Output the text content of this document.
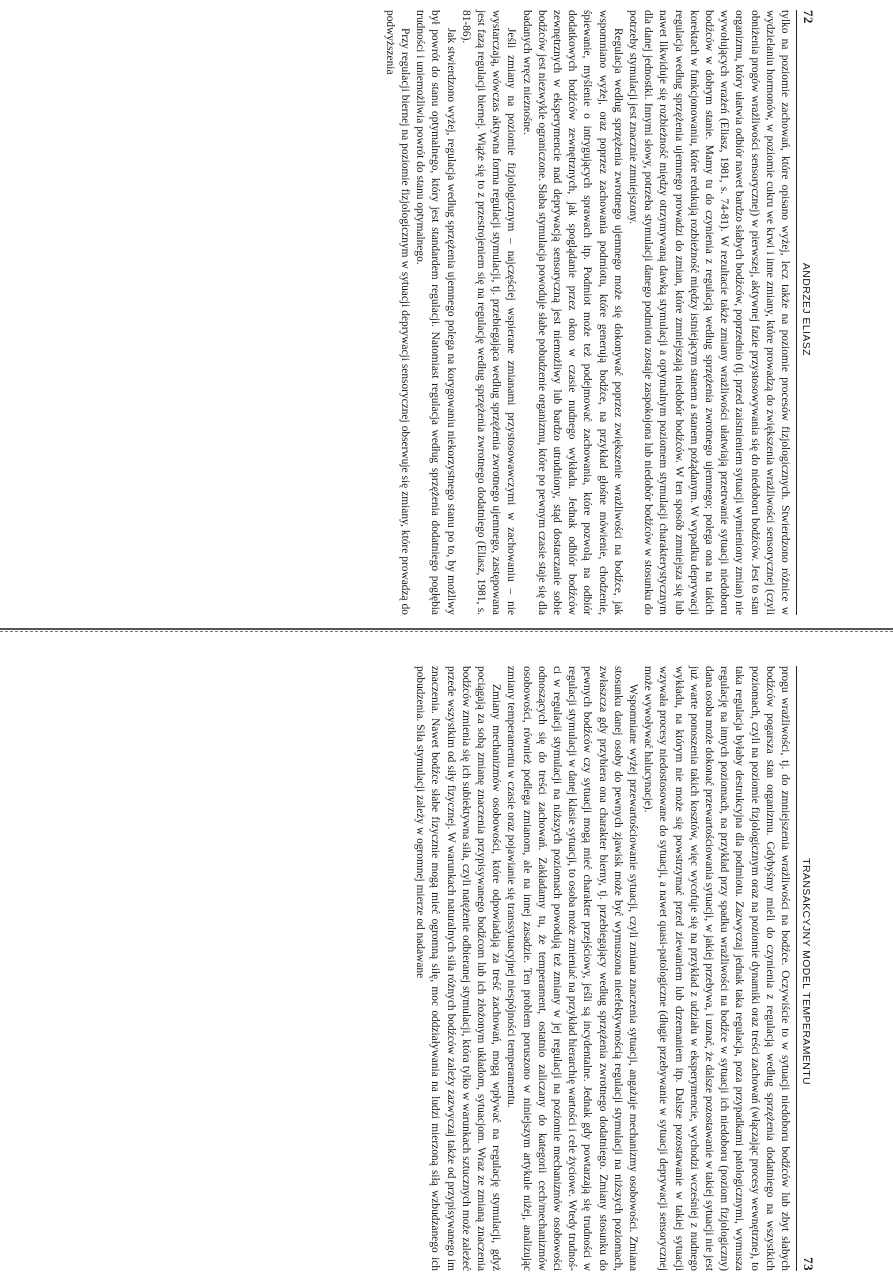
72
ANDRZEJ ELIASZ

tylko na poziomie zachowań, które opisano wyżej, lecz także na poziomie procesów fizjologicznych. Stwierdzono różnice w wydzielaniu hormonów, w poziomie cukru we krwi i inne zmiany, które prowadzą do zwiększenia wrażliwości sensorycznej (czyli obniżenia progów wrażliwości sensorycznej) w pierwszej, aktywnej fazie przystosowywania się do niedoboru bodźców. Jest to stan organizmu, który ułatwia odbiór nawet bardzo słabych bodźców, poprzednio (tj. przed zaistnieniem sytuacji wymieniony zmian) nie wywołujących wrażeń (Eliasz, 1981, s. 74-81). W rezultacie także zmiany wrażliwości ułatwiają przetrwanie sytuacji niedoboru bodźców w dobrym stanie. Mamy tu do czynienia z regulacją według sprzężenia zwrotnego ujemnego; polega ona na takich korektach w funkcjonowaniu, które redukują rozbieżność między istniejącym stanem a stanem pożądanym. W wypadku deprywacji regulacja według sprzężenia ujemnego prowadzi do zmian, które zmniejszają niedobór bodźców. W ten sposób zmniejsza się lub nawet likwiduje się rozbieżność między otrzymywaną dawką stymulacji a optymalnym poziomem stymulacji charakterystycznym dla danej jednostki. Innymi słowy, potrzeba stymulacji danego podmiotu zostaje zaspokojona lub niedobór bodźców w stosunku do potrzeby stymulacji jest znacznie zmniejszony.

Regulacja według sprzężenia zwrotnego ujemnego może się dokonywać poprzez zwiększenie wrażliwości na bodźce, jak wspomniano wyżej, oraz poprzez zachowania podmiotu, które generują bodźce, na przykład głośne mówienie, chodzenie, śpiewanie, myślenie o intrygujących sprawach itp. Podmiot może też podejmować zachowania, które pozwolą na odbiór dodatkowych bodźców zewnętrznych, jak spoglądanie przez okno w czasie nudnego wykładu. Jednak odbiór bodźców zewnętrznych w eksperymencie nad deprywacją sensoryczną jest niemożliwy lub bardzo utrudniony, stąd dostarczanie sobie bodźców jest niezwykle ograniczone. Słaba stymulacja powoduje słabe pobudzenie organizmu, które po pewnym czasie staje się dla badanych wręcz nieznośne.

Jeśli zmiany na poziomie fizjologicznym – najczęściej wspierane zmianami przystosowawczymi w zachowaniu – nie wystarczają, wówczas aktywna forma regulacji stymulacji, tj. przebiegająca według sprzężenia zwrotnego ujemnego, zastępowana jest fazą regulacji biernej. Wiąże się to z przestrojeniem się na regulację według sprzężenia zwrotnego dodatniego (Eliasz, 1981, s. 81-86).

Jak stwierdzono wyżej, regulacja według sprzężenia ujemnego polega na korygowaniu niekorzystnego stanu po to, by możliwy był powrót do stanu optymalnego, który jest standardem regulacji. Natomiast regulacja według sprzężenia dodatniego pogłębia trudności i uniemożliwia powrót do stanu optymalnego.

Przy regulacji biernej na poziomie fizjologicznym w sytuacji deprywacji sensorycznej obserwuje się zmiany, które prowadzą do podwyższenia

TRANSAKCYJNY MODEL TEMPERAMENTU
73

progu wrażliwości, tj. do zmniejszenia wrażliwości na bodźce. Oczywiście to w sytuacji niedoboru bodźców lub zbyt słabych bodźców pogarsza stan organizmu. Gdybyśmy mieli do czynienia z regulacją według sprzężenia dodatniego na wszystkich poziomach, czyli na poziomie fizjologicznym oraz na poziomie dynamiki oraz treści zachowań (włączając procesy wewnętrzne), to taka regulacja byłaby destrukcyjna dla podmiotu. Zazwyczaj jednak taka regulacja, poza przypadkami patologicznymi, wymusza regulację na innych poziomach, na przykład przy spadku wrażliwości na bodźce w sytuacji ich niedoboru (poziom fizjologiczny) dana osoba może dokonać przewartościowania sytuacji, w jakiej przebywa, i uznać, że dalsze pozostawanie w takiej sytuacji nie jest już warte ponoszenia takich kosztów, więc wycofuje się na przykład z udziału w eksperymencie, wychodzi wcześniej z nudnego wykładu, na którym nie może się powstrzymać przed ziewaniem lub drzemaniem itp. Dalsze pozostawanie w takiej sytuacji wzywała procesy niedostosowane do sytuacji, a nawet quasi-patologiczne (długie przebywanie w sytuacji deprywacji sensorycznej może wywoływać halucynacje).

Wspomniane wyżej przewartościowanie sytuacji, czyli zmiana znaczenia sytuacji, angażuje mechanizmy osobowości. Zmiana stosunku danej osoby do pewnych zjawisk może być wymuszona nieefektywnością regulacji stymulacji na niższych poziomach, zwłaszcza gdy przybiera ona charakter bierny, tj. przebiegający według sprzężenia zwrotnego dodatniego. Zmiany stosunku do pewnych bodźców czy sytuacji mogą mieć charakter przejściowy, jeśli są incydentalne. Jednak gdy powtarzają się trudności w regulacji stymulacji w danej klasie sytuacji, to osoba może zmieniać na przykład hierarchię wartości i cele życiowe. Wtedy trudności w regulacji stymulacji na niższych poziomach powodują też zmiany w jej regulacji na poziomie mechanizmów osobowości odnoszących się do treści zachowań. Zakładamy tu, że temperament, ostatnio zaliczany do kategorii cech/mechanizmów osobowości, również podlega zmianom, ale na innej zasadzie. Ten problem poruszono w niniejszym artykule niżej, analizując zmiany temperamentu w czasie oraz pojawianie się transsytuacyjnej niespójności temperamentu.

Zmiany mechanizmów osobowości, które odpowiadają za treść zachowań, mogą wpływać na regulację stymulacji, gdyż pociągają za sobą zmianę znaczenia przypisywanego bodźcom lub ich złożonym układom, sytuacjom. Wraz ze zmianą znaczenia bodźców zmienia się ich subiektywna siła, czyli natężenie odbieranej stymulacji, która tylko w warunkach sztucznych może zależeć przede wszystkim od siły fizycznej. W warunkach naturalnych siła różnych bodźców zależy zazwyczaj także od przypisywanego im znaczenia. Nawet bodźce słabe fizycznie mogą mieć ogromną siłę, moc oddziaływania na ludzi mierzoną siłą wzbudzanego ich pobudzenia. Siła stymulacji zależy w ogromnej mierze od nadawane
